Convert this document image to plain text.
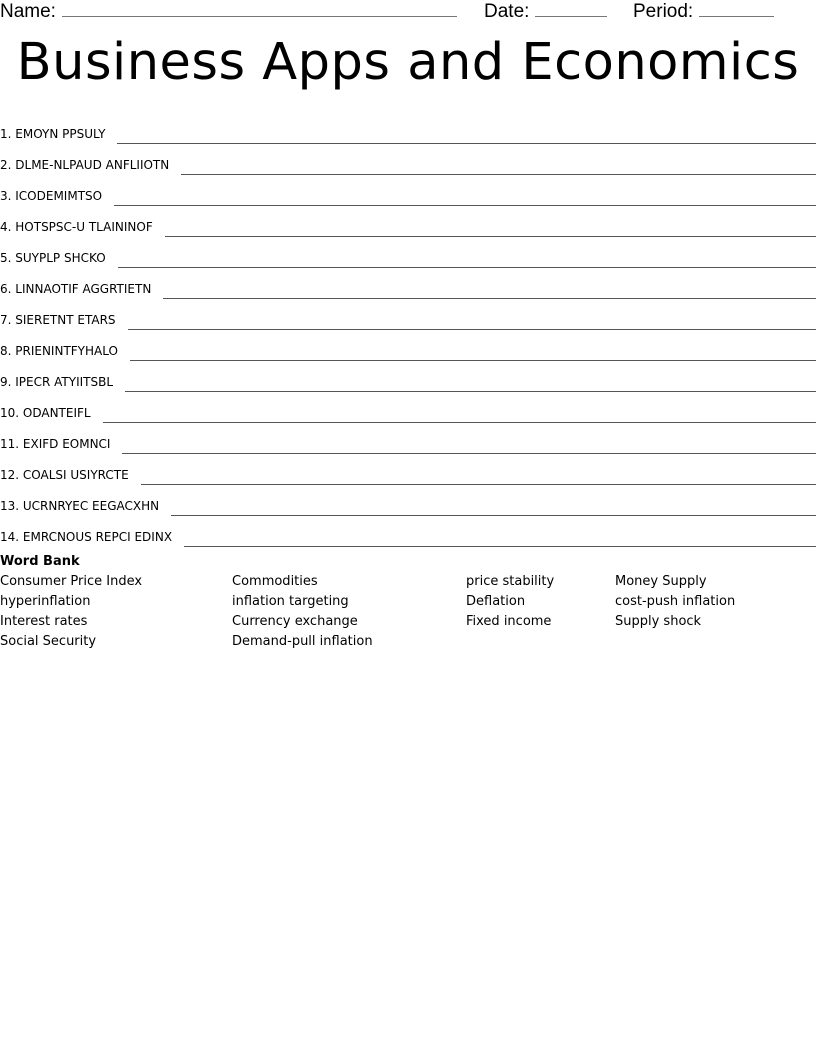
Name:	Date:	Period:
Business Apps and Economics
1. EMOYN PPSULY
2. DLME-NLPAUD ANFLIIOTN
3. ICODEMIMTSO
4. HOTSPSC-U TLAININOF
5. SUYPLP SHCKO
6. LINNAOTIF AGGRTIETN
7. SIERETNT ETARS
8. PRIENINTFYHALO
9. IPECR ATYIITSBL
10. ODANTEIFL
11. EXIFD EOMNCI
12. COALSI USIYRCTE
13. UCRNRYEC EEGACXHN
14. EMRCNOUS REPCI EDINX
Word Bank
Consumer Price Index
hyperinflation
Interest rates
Social Security
Commodities
inflation targeting
Currency exchange
Demand-pull inflation
price stability
Deflation
Fixed income
Money Supply
cost-push inflation
Supply shock
